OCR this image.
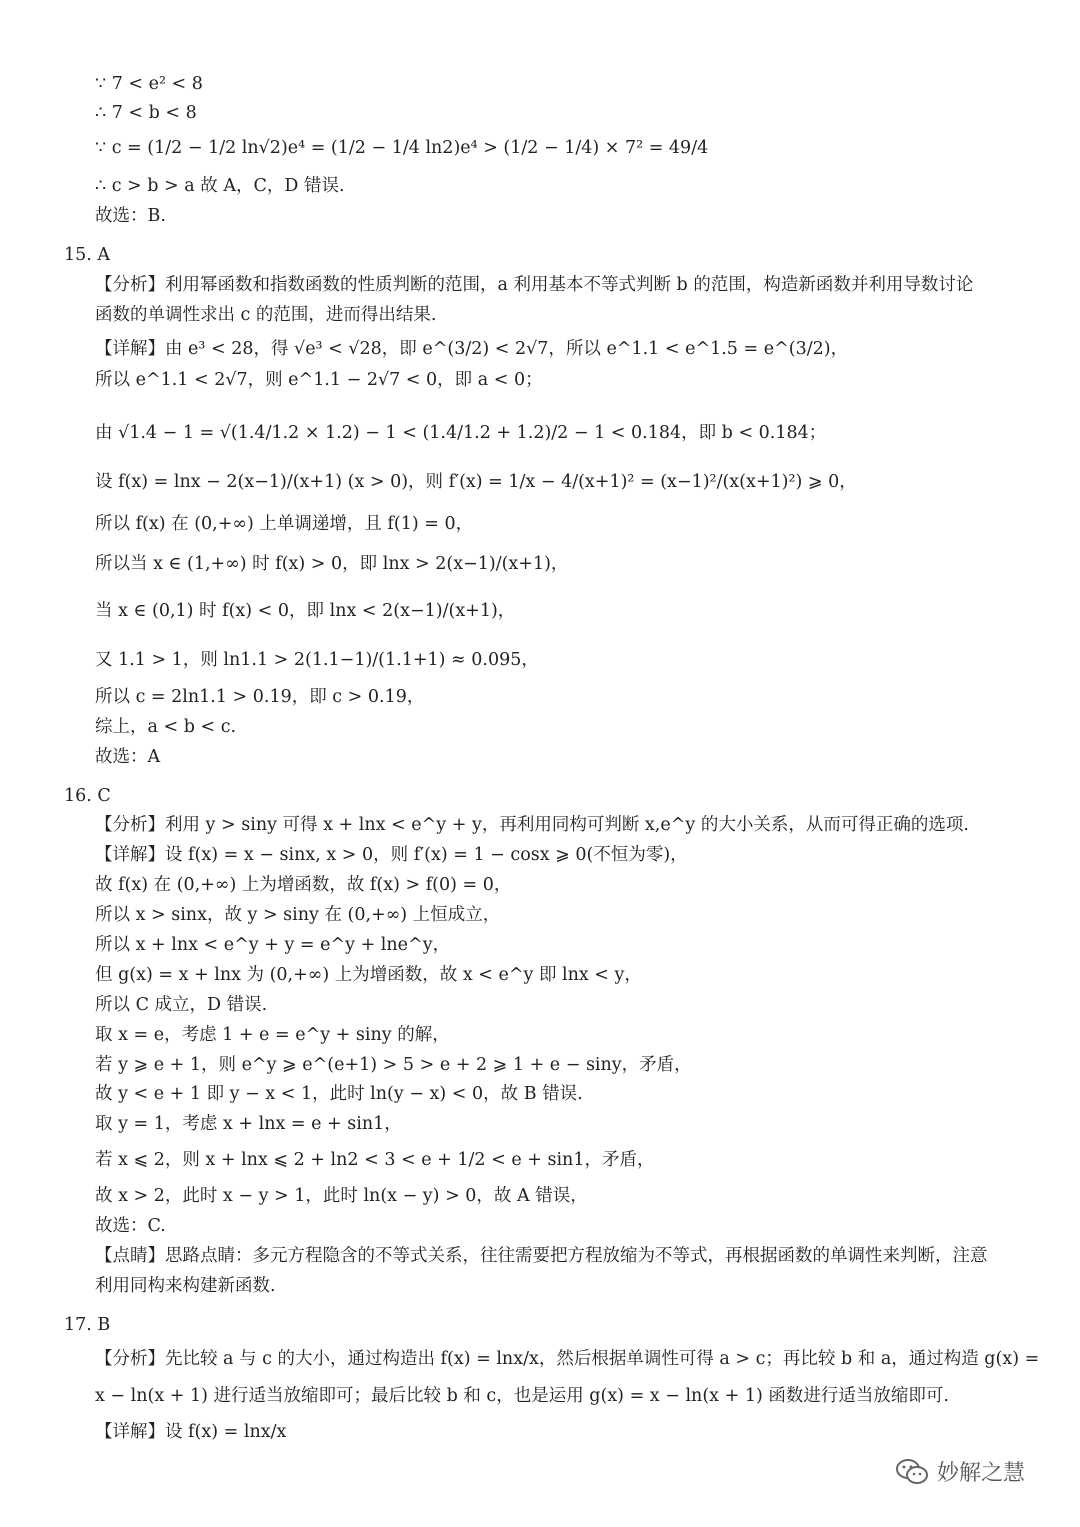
∵ 7 < e² < 8
∴ 7 < b < 8
∵ c = (1/2 − 1/2 ln√2)e⁴ = (1/2 − 1/4 ln2)e⁴ > (1/2 − 1/4) × 7² = 49/4
∴ c > b > a 故 A，C，D 错误.
故选：B.
15. A
【分析】利用幂函数和指数函数的性质判断的范围，a 利用基本不等式判断 b 的范围，构造新函数并利用导数讨论
函数的单调性求出 c 的范围，进而得出结果.
【详解】由 e³ < 28，得 √e³ < √28，即 e^(3/2) < 2√7，所以 e^1.1 < e^1.5 = e^(3/2)，
所以 e^1.1 < 2√7，则 e^1.1 − 2√7 < 0，即 a < 0；
由 √1.4 − 1 = √(1.4/1.2 × 1.2) − 1 < (1.4/1.2 + 1.2)/2 − 1 < 0.184，即 b < 0.184；
设 f(x) = lnx − 2(x−1)/(x+1) (x > 0)，则 f′(x) = 1/x − 4/(x+1)² = (x−1)²/(x(x+1)²) ⩾ 0，
所以 f(x) 在 (0,+∞) 上单调递增，且 f(1) = 0，
所以当 x ∈ (1,+∞) 时 f(x) > 0，即 lnx > 2(x−1)/(x+1)，
当 x ∈ (0,1) 时 f(x) < 0，即 lnx < 2(x−1)/(x+1)，
又 1.1 > 1，则 ln1.1 > 2(1.1−1)/(1.1+1) ≈ 0.095，
所以 c = 2ln1.1 > 0.19，即 c > 0.19，
综上，a < b < c.
故选：A
16. C
【分析】利用 y > siny 可得 x + lnx < e^y + y，再利用同构可判断 x,e^y 的大小关系，从而可得正确的选项.
【详解】设 f(x) = x − sinx, x > 0，则 f′(x) = 1 − cosx ⩾ 0(不恒为零)，
故 f(x) 在 (0,+∞) 上为增函数，故 f(x) > f(0) = 0，
所以 x > sinx，故 y > siny 在 (0,+∞) 上恒成立，
所以 x + lnx < e^y + y = e^y + lne^y，
但 g(x) = x + lnx 为 (0,+∞) 上为增函数，故 x < e^y 即 lnx < y，
所以 C 成立，D 错误.
取 x = e，考虑 1 + e = e^y + siny 的解，
若 y ⩾ e + 1，则 e^y ⩾ e^(e+1) > 5 > e + 2 ⩾ 1 + e − siny，矛盾，
故 y < e + 1 即 y − x < 1，此时 ln(y − x) < 0，故 B 错误.
取 y = 1，考虑 x + lnx = e + sin1，
若 x ⩽ 2，则 x + lnx ⩽ 2 + ln2 < 3 < e + 1/2 < e + sin1，矛盾，
故 x > 2，此时 x − y > 1，此时 ln(x − y) > 0，故 A 错误，
故选：C.
【点睛】思路点睛：多元方程隐含的不等式关系，往往需要把方程放缩为不等式，再根据函数的单调性来判断，注意
利用同构来构建新函数.
17. B
【分析】先比较 a 与 c 的大小，通过构造出 f(x) = lnx/x，然后根据单调性可得 a > c；再比较 b 和 a，通过构造 g(x) =
x − ln(x + 1) 进行适当放缩即可；最后比较 b 和 c，也是运用 g(x) = x − ln(x + 1) 函数进行适当放缩即可.
【详解】设 f(x) = lnx/x
妙解之慧
